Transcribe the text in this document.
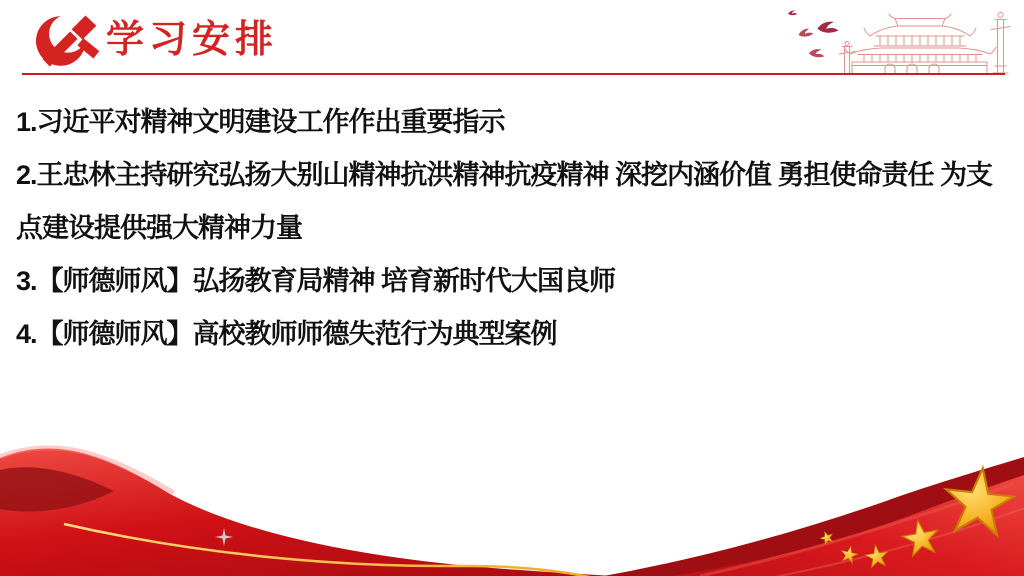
学习安排

1.习近平对精神文明建设工作作出重要指示

2.王忠林主持研究弘扬大别山精神抗洪精神抗疫精神 深挖内涵价值 勇担使命责任 为支点建设提供强大精神力量

3.【师德师风】弘扬教育局精神 培育新时代大国良师

4.【师德师风】高校教师师德失范行为典型案例
